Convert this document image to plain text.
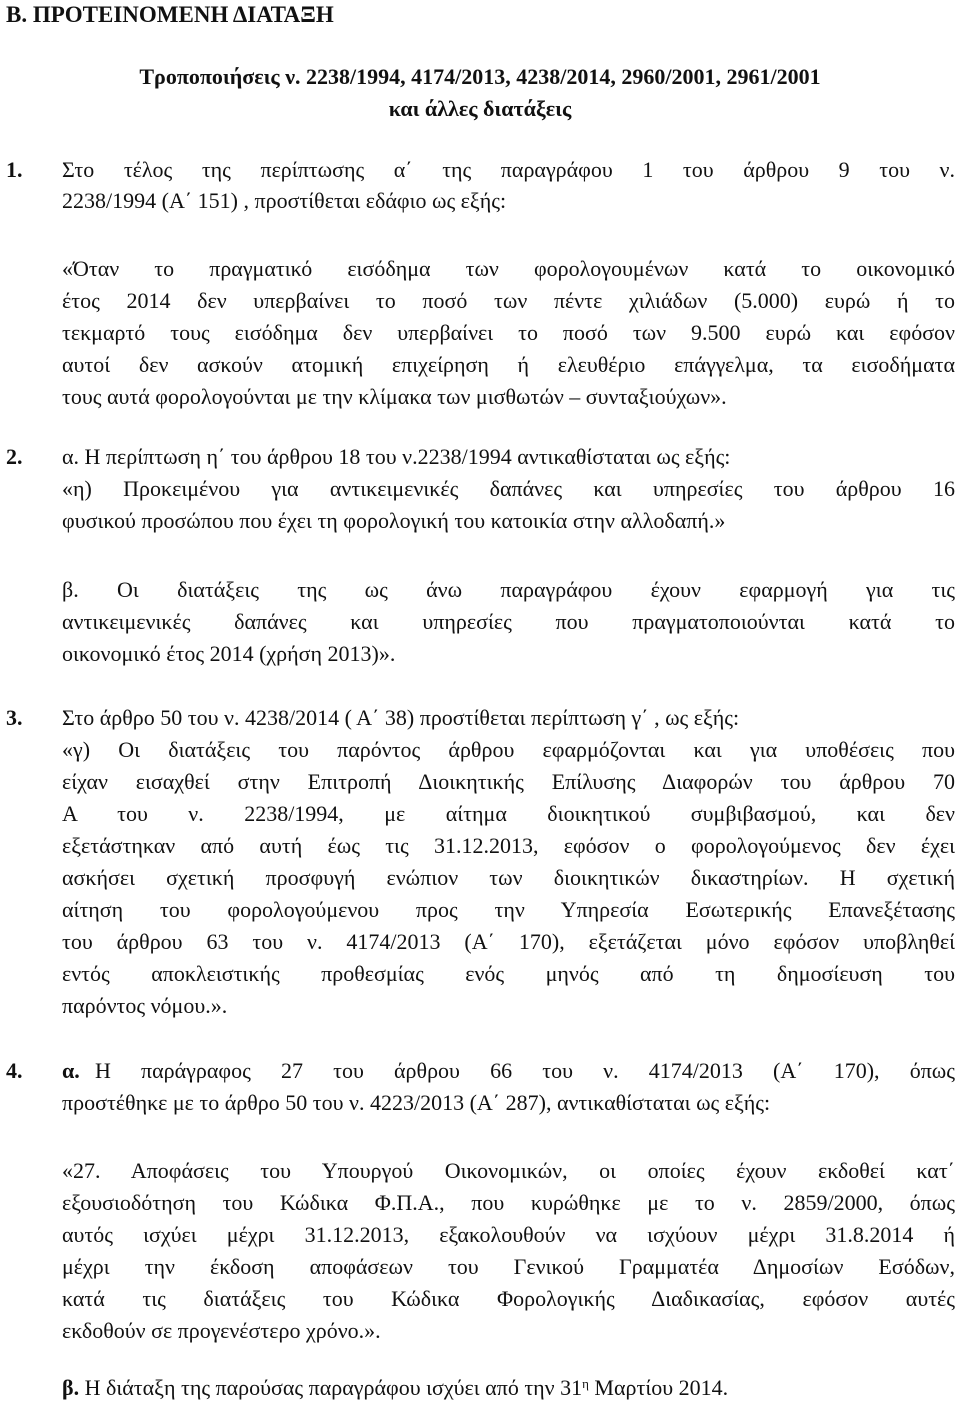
Β. ΠΡΟΤΕΙΝΟΜΕΝΗ ΔΙΑΤΑΞΗ
Τροποποιήσεις ν. 2238/1994, 4174/2013, 4238/2014, 2960/2001, 2961/2001
και άλλες διατάξεις
1. Στο τέλος της περίπτωσης α΄ της παραγράφου 1 του άρθρου 9 του ν.
2238/1994 (Α΄ 151) , προστίθεται εδάφιο ως εξής:
«Όταν το πραγματικό εισόδημα των φορολογουμένων κατά το οικονομικό
έτος 2014 δεν υπερβαίνει το ποσό των πέντε χιλιάδων (5.000) ευρώ ή το
τεκμαρτό τους εισόδημα δεν υπερβαίνει το ποσό των 9.500 ευρώ και εφόσον
αυτοί δεν ασκούν ατομική επιχείρηση ή ελευθέριο επάγγελμα, τα εισοδήματα
τους αυτά φορολογούνται με την κλίμακα των μισθωτών – συνταξιούχων».
2. α. Η περίπτωση η΄ του άρθρου 18 του ν.2238/1994 αντικαθίσταται ως εξής:
«η) Προκειμένου για αντικειμενικές δαπάνες και υπηρεσίες του άρθρου 16
φυσικού προσώπου που έχει τη φορολογική του κατοικία στην αλλοδαπή.»
β. Οι διατάξεις της ως άνω παραγράφου έχουν εφαρμογή για τις
αντικειμενικές δαπάνες και υπηρεσίες που πραγματοποιούνται κατά το
οικονομικό έτος 2014 (χρήση 2013)».
3. Στο άρθρο 50 του ν. 4238/2014 ( Α΄ 38) προστίθεται περίπτωση γ΄ , ως εξής:
«γ) Οι διατάξεις του παρόντος άρθρου εφαρμόζονται και για υποθέσεις που
είχαν εισαχθεί στην Επιτροπή Διοικητικής Επίλυσης Διαφορών του άρθρου 70
Α του ν. 2238/1994, με αίτημα διοικητικού συμβιβασμού, και δεν
εξετάστηκαν από αυτή έως τις 31.12.2013, εφόσον ο φορολογούμενος δεν έχει
ασκήσει σχετική προσφυγή ενώπιον των διοικητικών δικαστηρίων. Η σχετική
αίτηση του φορολογούμενου προς την Υπηρεσία Εσωτερικής Επανεξέτασης
του άρθρου 63 του ν. 4174/2013 (Α΄ 170), εξετάζεται μόνο εφόσον υποβληθεί
εντός αποκλειστικής προθεσμίας ενός μηνός από τη δημοσίευση του
παρόντος νόμου.».
4. α. Η παράγραφος 27 του άρθρου 66 του ν. 4174/2013 (Α΄ 170), όπως
προστέθηκε με το άρθρο 50 του ν. 4223/2013 (Α΄ 287), αντικαθίσταται ως εξής:
«27. Αποφάσεις του Υπουργού Οικονομικών, οι οποίες έχουν εκδοθεί κατ΄
εξουσιοδότηση του Κώδικα Φ.Π.Α., που κυρώθηκε με το ν. 2859/2000, όπως
αυτός ισχύει μέχρι 31.12.2013, εξακολουθούν να ισχύουν μέχρι 31.8.2014 ή
μέχρι την έκδοση αποφάσεων του Γενικού Γραμματέα Δημοσίων Εσόδων,
κατά τις διατάξεις του Κώδικα Φορολογικής Διαδικασίας, εφόσον αυτές
εκδοθούν σε προγενέστερο χρόνο.».
β. Η διάταξη της παρούσας παραγράφου ισχύει από την $31^\eta$ Μαρτίου 2014.
